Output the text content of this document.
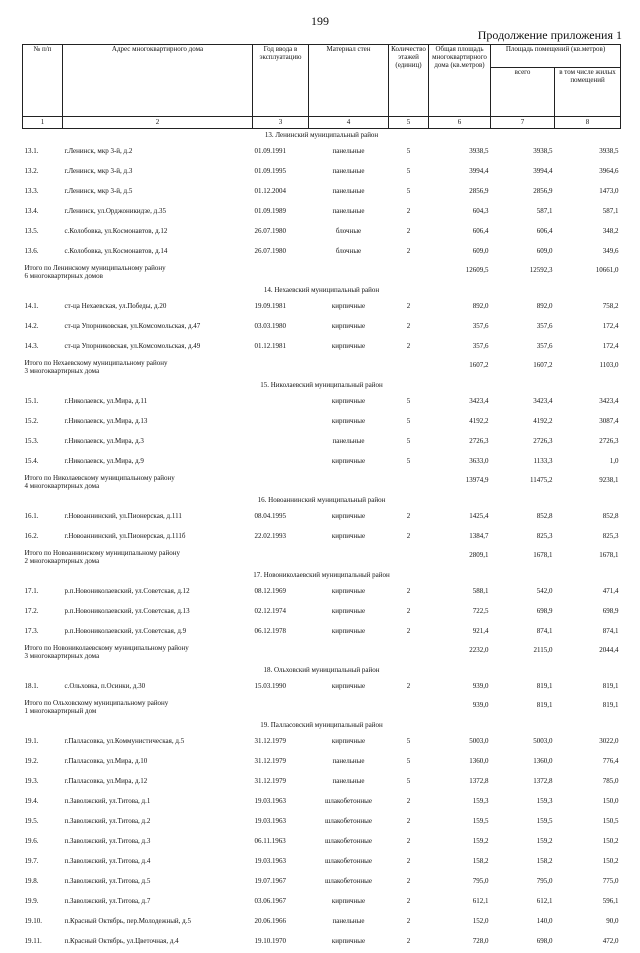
199
Продолжение приложения 1
№ п/п	Адрес многоквартирного дома	Год ввода в эксплуатацию	Материал стен	Количество этажей (единиц)	Общая площадь многоквартирного дома (кв.метров)	Площадь помещений (кв.метров)	
						всего	в том числе жилых помещений
1	2	3	4	5	6	7	8
13. Ленинский муниципальный район							
13.1.	г.Ленинск, мкр 3-й, д.2	01.09.1991	панельные	5	3938,5	3938,5	3938,5
13.2.	г.Ленинск, мкр 3-й, д.3	01.09.1995	панельные	5	3994,4	3994,4	3964,6
13.3.	г.Ленинск, мкр 3-й, д.5	01.12.2004	панельные	5	2856,9	2856,9	1473,0
13.4.	г.Ленинск, ул.Орджоникидзе, д.35	01.09.1989	панельные	2	604,3	587,1	587,1
13.5.	с.Колобовка, ул.Космонавтов, д.12	26.07.1980	блочные	2	606,4	606,4	348,2
13.6.	с.Колобовка, ул.Космонавтов, д.14	26.07.1980	блочные	2	609,0	609,0	349,6

Итого по Ленинскому муниципальному району
6 многоквартирных домов					12609,5	12592,3	10661,0
14. Нехаевский муниципальный район							
14.1.	ст-ца Нехаевская, ул.Победы, д.20	19.09.1981	кирпичные	2	892,0	892,0	758,2
14.2.	ст-ца Упорниковская, ул.Комсомольская, д.47	03.03.1980	кирпичные	2	357,6	357,6	172,4
14.3.	ст-ца Упорниковская, ул.Комсомольская, д.49	01.12.1981	кирпичные	2	357,6	357,6	172,4

Итого по Нехаевскому муниципальному району
3 многоквартирных дома					1607,2	1607,2	1103,0
15. Николаевский муниципальный район							
15.1.	г.Николаевск, ул.Мира, д.11		кирпичные	5	3423,4	3423,4	3423,4
15.2.	г.Николаевск, ул.Мира, д.13		кирпичные	5	4192,2	4192,2	3087,4
15.3.	г.Николаевск, ул.Мира, д.3		панельные	5	2726,3	2726,3	2726,3
15.4.	г.Николаевск, ул.Мира, д.9		кирпичные	5	3633,0	1133,3	1,0

Итого по Николаевскому муниципальному району
4 многоквартирных дома					13974,9	11475,2	9238,1
16. Новоаннинский муниципальный район							
16.1.	г.Новоаннинский, ул.Пионерская, д.111	08.04.1995	кирпичные	2	1425,4	852,8	852,8
16.2.	г.Новоаннинский, ул.Пионерская, д.111б	22.02.1993	кирпичные	2	1384,7	825,3	825,3

Итого по Новоаннинскому муниципальному району
2 многоквартирных дома					2809,1	1678,1	1678,1
17. Новониколаевский муниципальный район							
17.1.	р.п.Новониколаевский, ул.Советская, д.12	08.12.1969	кирпичные	2	588,1	542,0	471,4
17.2.	р.п.Новониколаевский, ул.Советская, д.13	02.12.1974	кирпичные	2	722,5	698,9	698,9
17.3.	р.п.Новониколаевский, ул.Советская, д.9	06.12.1978	кирпичные	2	921,4	874,1	874,1

Итого по Новониколаевскому муниципальному району
3 многоквартирных дома					2232,0	2115,0	2044,4
18. Ольховский муниципальный район							
18.1.	с.Ольховка, п.Осинки, д.30	15.03.1990	кирпичные	2	939,0	819,1	819,1

Итого по Ольховскому муниципальному району
1 многоквартирный дом					939,0	819,1	819,1
19. Палласовский муниципальный район							
19.1.	г.Палласовка, ул.Коммунистическая, д.5	31.12.1979	кирпичные	5	5003,0	5003,0	3022,0
19.2.	г.Палласовка, ул.Мира, д.10	31.12.1979	панельные	5	1360,0	1360,0	776,4
19.3.	г.Палласовка, ул.Мира, д.12	31.12.1979	панельные	5	1372,8	1372,8	785,0
19.4.	п.Заволжский, ул.Титова, д.1	19.03.1963	шлакобетонные	2	159,3	159,3	150,0
19.5.	п.Заволжский, ул.Титова, д.2	19.03.1963	шлакобетонные	2	159,5	159,5	150,5
19.6.	п.Заволжский, ул.Титова, д.3	06.11.1963	шлакобетонные	2	159,2	159,2	150,2
19.7.	п.Заволжский, ул.Титова, д.4	19.03.1963	шлакобетонные	2	158,2	158,2	150,2
19.8.	п.Заволжский, ул.Титова, д.5	19.07.1967	шлакобетонные	2	795,0	795,0	775,0
19.9.	п.Заволжский, ул.Титова, д.7	03.06.1967	кирпичные	2	612,1	612,1	596,1
19.10.	п.Красный Октябрь, пер.Молодежный, д.5	20.06.1966	панельные	2	152,0	140,0	90,0
19.11.	п.Красный Октябрь, ул.Цветочная, д.4	19.10.1970	кирпичные	2	728,0	698,0	472,0
